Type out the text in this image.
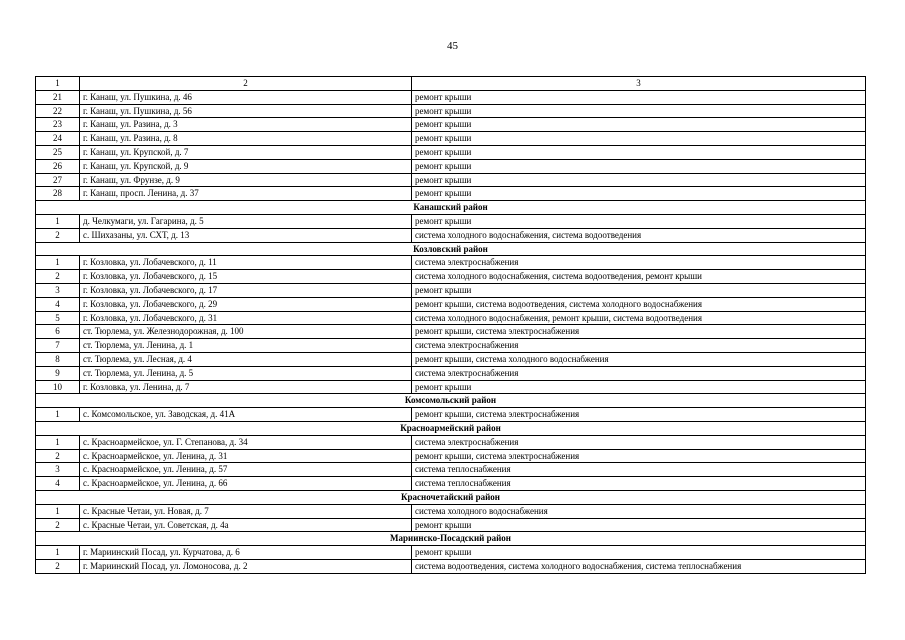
45
1	2	3
21	г. Канаш, ул. Пушкина, д. 46	ремонт крыши
22	г. Канаш, ул. Пушкина, д. 56	ремонт крыши
23	г. Канаш, ул. Разина, д. 3	ремонт крыши
24	г. Канаш, ул. Разина, д. 8	ремонт крыши
25	г. Канаш, ул. Крупской, д. 7	ремонт крыши
26	г. Канаш, ул. Крупской, д. 9	ремонт крыши
27	г. Канаш, ул. Фрунзе, д. 9	ремонт крыши
28	г. Канаш, просп. Ленина, д. 37	ремонт крыши
Канашский район		
1	д. Челкумаги, ул. Гагарина, д. 5	ремонт крыши
2	с. Шихазаны, ул. СХТ, д. 13	система холодного водоснабжения, система водоотведения
Козловский район		
1	г. Козловка, ул. Лобачевского, д. 11	система электроснабжения
2	г. Козловка, ул. Лобачевского, д. 15	система холодного водоснабжения, система водоотведения, ремонт крыши
3	г. Козловка, ул. Лобачевского, д. 17	ремонт крыши
4	г. Козловка, ул. Лобачевского, д. 29	ремонт крыши, система водоотведения, система холодного водоснабжения
5	г. Козловка, ул. Лобачевского, д. 31	система холодного водоснабжения, ремонт крыши, система водоотведения
6	ст. Тюрлема, ул. Железнодорожная, д. 100	ремонт крыши, система электроснабжения
7	ст. Тюрлема, ул. Ленина, д. 1	система электроснабжения
8	ст. Тюрлема, ул. Лесная, д. 4	ремонт крыши, система холодного водоснабжения
9	ст. Тюрлема, ул. Ленина, д. 5	система электроснабжения
10	г. Козловка, ул. Ленина, д. 7	ремонт крыши
Комсомольский район		
1	с. Комсомольское, ул. Заводская, д. 41А	ремонт крыши, система электроснабжения
Красноармейский район		
1	с. Красноармейское, ул. Г. Степанова, д. 34	система электроснабжения
2	с. Красноармейское, ул. Ленина, д. 31	ремонт крыши, система электроснабжения
3	с. Красноармейское, ул. Ленина, д. 57	система теплоснабжения
4	с. Красноармейское, ул. Ленина, д. 66	система теплоснабжения
Красночетайский район		
1	с. Красные Четаи, ул. Новая, д. 7	система холодного водоснабжения
2	с. Красные Четаи, ул. Советская, д. 4а	ремонт крыши
Мариинско-Посадский район		
1	г. Мариинский Посад, ул. Курчатова, д. 6	ремонт крыши
2	г. Мариинский Посад, ул. Ломоносова, д. 2	система водоотведения, система холодного водоснабжения, система теплоснабжения
